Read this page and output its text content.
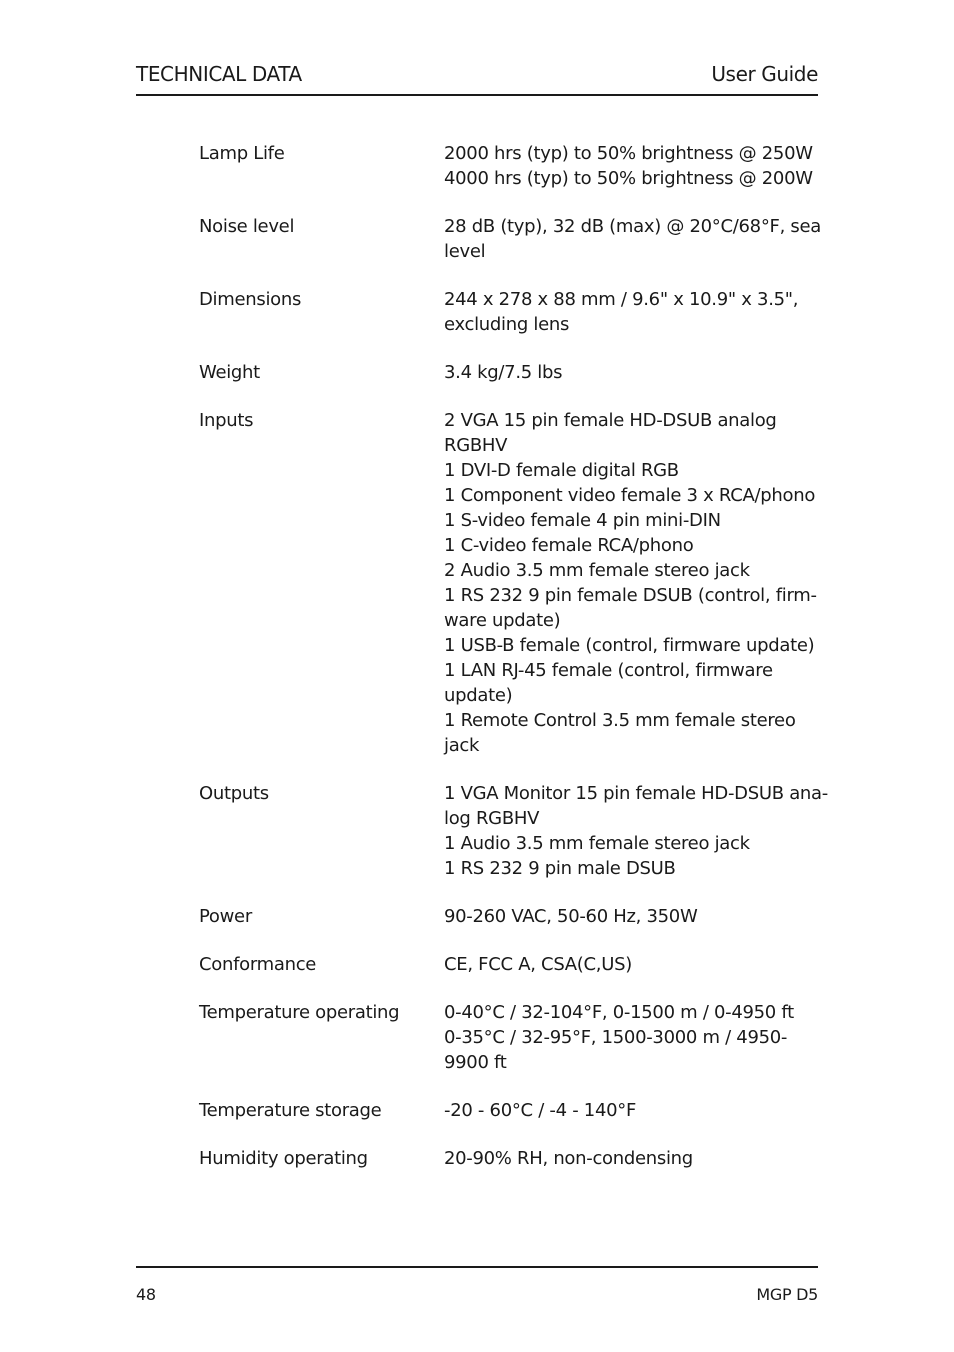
TECHNICAL DATA	User Guide
Lamp Life	2000 hrs (typ) to 50% brightness @ 250W
4000 hrs (typ) to 50% brightness @ 200W
Noise level	28 dB (typ), 32 dB (max) @ 20°C/68°F, sea
level
Dimensions	244 x 278 x 88 mm / 9.6" x 10.9" x 3.5",
excluding lens
Weight	3.4 kg/7.5 lbs
Inputs	2 VGA 15 pin female HD-DSUB analog
RGBHV
1 DVI-D female digital RGB
1 Component video female 3 x RCA/phono
1 S-video female 4 pin mini-DIN
1 C-video female RCA/phono
2 Audio 3.5 mm female stereo jack
1 RS 232 9 pin female DSUB (control, firm-
ware update)
1 USB-B female (control, firmware update)
1 LAN RJ-45 female (control, firmware
update)
1 Remote Control 3.5 mm female stereo
jack
Outputs	1 VGA Monitor 15 pin female HD-DSUB ana-
log RGBHV
1 Audio 3.5 mm female stereo jack
1 RS 232 9 pin male DSUB
Power	90-260 VAC, 50-60 Hz, 350W
Conformance	CE, FCC A, CSA(C,US)
Temperature operating	0-40°C / 32-104°F, 0-1500 m / 0-4950 ft
0-35°C / 32-95°F, 1500-3000 m / 4950-
9900 ft
Temperature storage	-20 - 60°C / -4 - 140°F
Humidity operating	20-90% RH, non-condensing
48	MGP D5
